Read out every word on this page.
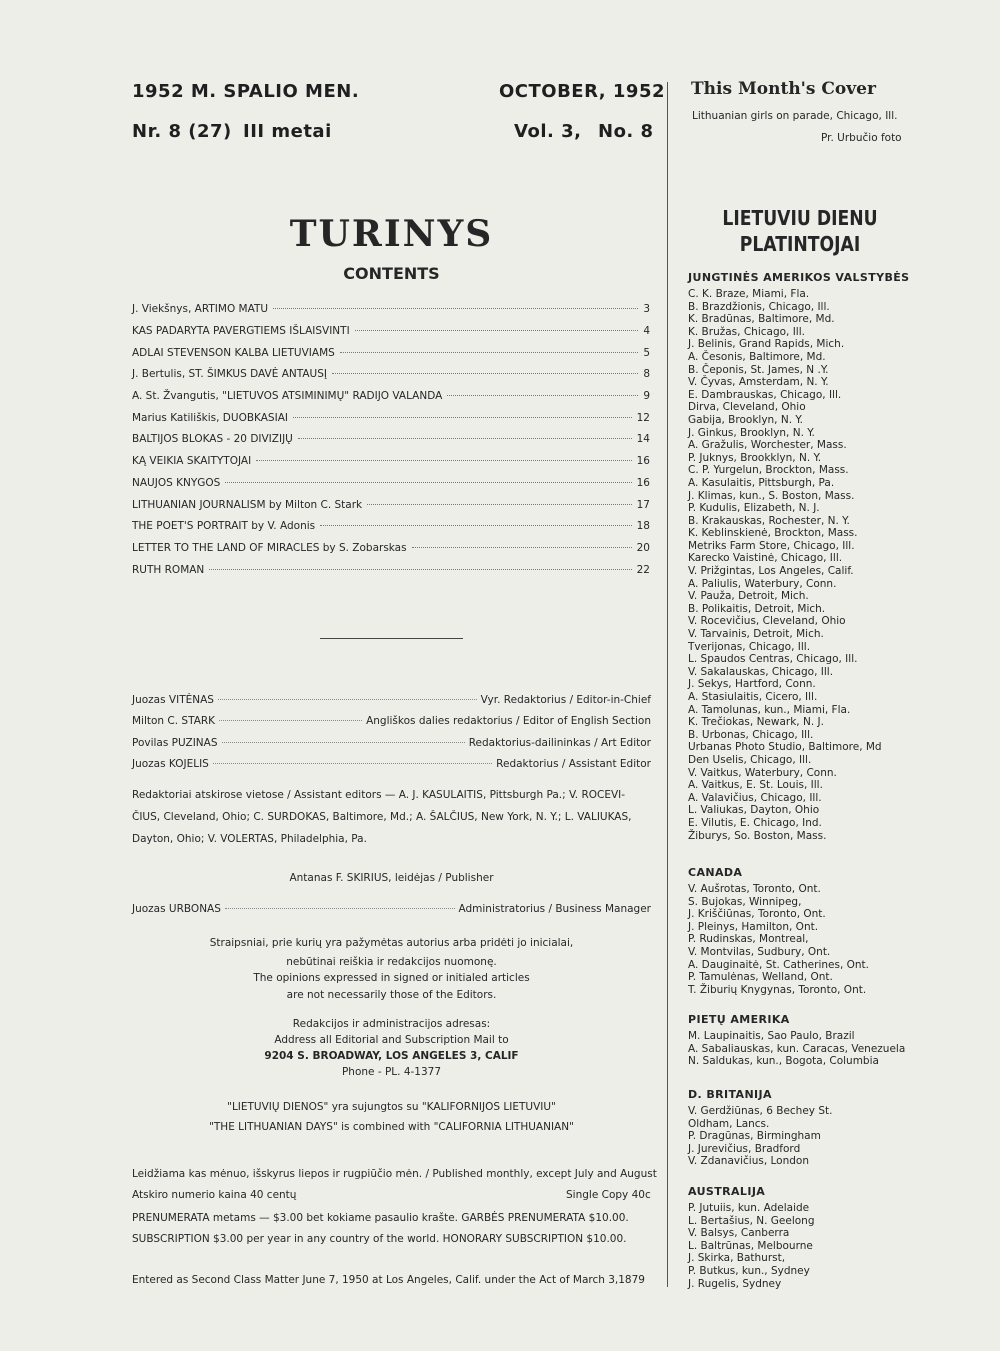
1952 M. SPALIO MEN.
Nr. 8 (27) III metai
OCTOBER, 1952
Vol. 3, No. 8
This Month's Cover
Lithuanian girls on parade, Chicago, Ill.
Pr. Urbučio foto
TURINYS
CONTENTS
J. Viekšnys, ARTIMO MATU	3
KAS PADARYTA PAVERGTIEMS IŠLAISVINTI	4
ADLAI STEVENSON KALBA LIETUVIAMS	5
J. Bertulis, ST. ŠIMKUS DAVĖ ANTAUSĮ	8
A. St. Žvangutis, "LIETUVOS ATSIMINIMŲ" RADIJO VALANDA	9
Marius Katiliškis, DUOBKASIAI	12
BALTIJOS BLOKAS - 20 DIVIZIJŲ	14
KĄ VEIKIA SKAITYTOJAI	16
NAUJOS KNYGOS	16
LITHUANIAN JOURNALISM by Milton C. Stark	17
THE POET'S PORTRAIT by V. Adonis	18
LETTER TO THE LAND OF MIRACLES by S. Zobarskas	20
RUTH ROMAN	22
Juozas VITĖNAS	Vyr. Redaktorius / Editor-in-Chief
Milton C. STARK	Angliškos dalies redaktorius / Editor of English Section
Povilas PUZINAS	Redaktorius-dailininkas / Art Editor
Juozas KOJELIS	Redaktorius / Assistant Editor
Redaktoriai atskirose vietose / Assistant editors — A. J. KASULAITIS, Pittsburgh Pa.; V. ROCEVI-
ČIUS, Cleveland, Ohio; C. SURDOKAS, Baltimore, Md.; A. ŠALČIUS, New York, N. Y.; L. VALIUKAS,
Dayton, Ohio; V. VOLERTAS, Philadelphia, Pa.
Antanas F. SKIRIUS, leidėjas / Publisher
Juozas URBONAS	Administratorius / Business Manager
Straipsniai, prie kurių yra pažymėtas autorius arba pridėti jo inicialai,
nebūtinai reiškia ir redakcijos nuomonę.
The opinions expressed in signed or initialed articles
are not necessarily those of the Editors.
Redakcijos ir administracijos adresas:
Address all Editorial and Subscription Mail to
9204 S. BROADWAY, LOS ANGELES 3, CALIF
Phone - PL. 4-1377
"LIETUVIŲ DIENOS" yra sujungtos su "KALIFORNIJOS LIETUVIU"
"THE LITHUANIAN DAYS" is combined with "CALIFORNIA LITHUANIAN"
Leidžiama kas mėnuo, išskyrus liepos ir rugpiūčio mėn. / Published monthly, except July and August
Atskiro numerio kaina 40 centų	Single Copy 40c
PRENUMERATA metams — $3.00 bet kokiame pasaulio krašte. GARBĖS PRENUMERATA $10.00.
SUBSCRIPTION $3.00 per year in any country of the world. HONORARY SUBSCRIPTION $10.00.
Entered as Second Class Matter June 7, 1950 at Los Angeles, Calif. under the Act of March 3,1879
LIETUVIU DIENU
PLATINTOJAI
JUNGTINĖS AMERIKOS VALSTYBĖS
C. K. Braze, Miami, Fla.
B. Brazdžionis, Chicago, Ill.
K. Bradūnas, Baltimore, Md.
K. Bružas, Chicago, Ill.
J. Belinis, Grand Rapids, Mich.
A. Česonis, Baltimore, Md.
B. Čeponis, St. James, N .Y.
V. Čyvas, Amsterdam, N. Y.
E. Dambrauskas, Chicago, Ill.
Dirva, Cleveland, Ohio
Gabija, Brooklyn, N. Y.
J. Ginkus, Brooklyn, N. Y.
A. Gražulis, Worchester, Mass.
P. Juknys, Brookklyn, N. Y.
C. P. Yurgelun, Brockton, Mass.
A. Kasulaitis, Pittsburgh, Pa.
J. Klimas, kun., S. Boston, Mass.
P. Kudulis, Elizabeth, N. J.
B. Krakauskas, Rochester, N. Y.
K. Keblinskienė, Brockton, Mass.
Metriks Farm Store, Chicago, Ill.
Karecko Vaistinė, Chicago, Ill.
V. Prižgintas, Los Angeles, Calif.
A. Paliulis, Waterbury, Conn.
V. Pauža, Detroit, Mich.
B. Polikaitis, Detroit, Mich.
V. Rocevičius, Cleveland, Ohio
V. Tarvainis, Detroit, Mich.
Tverijonas, Chicago, Ill.
L. Spaudos Centras, Chicago, Ill.
V. Sakalauskas, Chicago, Ill.
J. Sekys, Hartford, Conn.
A. Stasiulaitis, Cicero, Ill.
A. Tamolunas, kun., Miami, Fla.
K. Trečiokas, Newark, N. J.
B. Urbonas, Chicago, Ill.
Urbanas Photo Studio, Baltimore, Md
Den Uselis, Chicago, Ill.
V. Vaitkus, Waterbury, Conn.
A. Vaitkus, E. St. Louis, Ill.
A. Valavičius, Chicago, Ill.
L. Valiukas, Dayton, Ohio
E. Vilutis, E. Chicago, Ind.
Žiburys, So. Boston, Mass.
CANADA
V. Aušrotas, Toronto, Ont.
S. Bujokas, Winnipeg,
J. Kriščiūnas, Toronto, Ont.
J. Pleinys, Hamilton, Ont.
P. Rudinskas, Montreal,
V. Montvilas, Sudbury, Ont.
A. Dauginaitė, St. Catherines, Ont.
P. Tamulėnas, Welland, Ont.
T. Žiburių Knygynas, Toronto, Ont.
PIETŲ AMERIKA
M. Laupinaitis, Sao Paulo, Brazil
A. Sabaliauskas, kun. Caracas, Venezuela
N. Saldukas, kun., Bogota, Columbia
D. BRITANIJA
V. Gerdžiūnas, 6 Bechey St.
Oldham, Lancs.
P. Dragūnas, Birmingham
J. Jurevičius, Bradford
V. Zdanavičius, London
AUSTRALIJA
P. Jutuiis, kun. Adelaide
L. Bertašius, N. Geelong
V. Balsys, Canberra
L. Baltrūnas, Melbourne
J. Skirka, Bathurst,
P. Butkus, kun., Sydney
J. Rugelis, Sydney
